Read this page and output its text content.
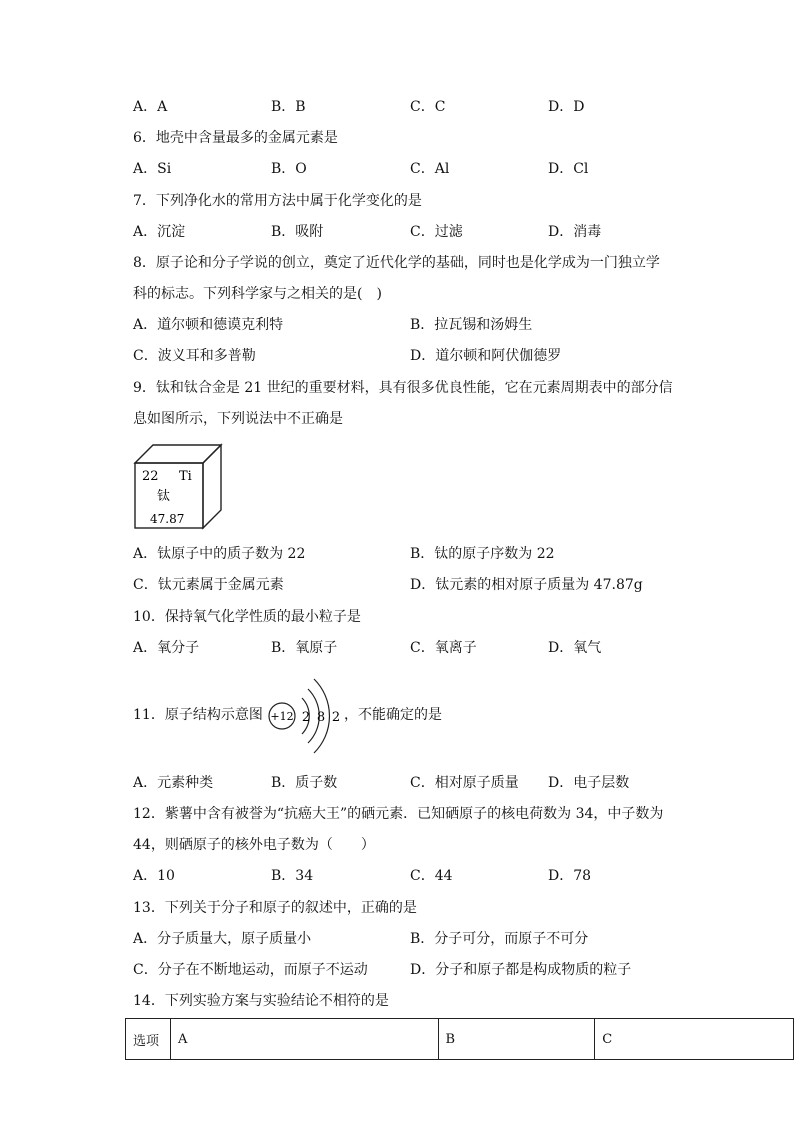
A．A	B．B	C．C	D．D
6．地壳中含量最多的金属元素是
A．Si	B．O	C．Al	D．Cl
7．下列净化水的常用方法中属于化学变化的是
A．沉淀	B．吸附	C．过滤	D．消毒
8．原子论和分子学说的创立，奠定了近代化学的基础，同时也是化学成为一门独立学
科的标志。下列科学家与之相关的是(　)
A．道尔顿和德谟克利特	B．拉瓦锡和汤姆生
C．波义耳和多普勒	D．道尔顿和阿伏伽德罗
9．钛和钛合金是 21 世纪的重要材料，具有很多优良性能，它在元素周期表中的部分信
息如图所示，下列说法中不正确是
22 Ti
钛
47.87
A．钛原子中的质子数为 22	B．钛的原子序数为 22
C．钛元素属于金属元素	D．钛元素的相对原子质量为 47.87g
10．保持氧气化学性质的最小粒子是
A．氧分子	B．氧原子	C．氧离子	D．氧气
11．原子结构示意图 +12 2 8 2 ，不能确定的是
A．元素种类	B．质子数	C．相对原子质量 D．电子层数
12．紫薯中含有被誉为“抗癌大王”的硒元素．已知硒原子的核电荷数为 34，中子数为
44，则硒原子的核外电子数为（　　）
A．10	B．34	C．44	D．78
13．下列关于分子和原子的叙述中，正确的是
A．分子质量大，原子质量小	B．分子可分，而原子不可分
C．分子在不断地运动，而原子不运动	D．分子和原子都是构成物质的粒子
14．下列实验方案与实验结论不相符的是
选项	A	B	C
